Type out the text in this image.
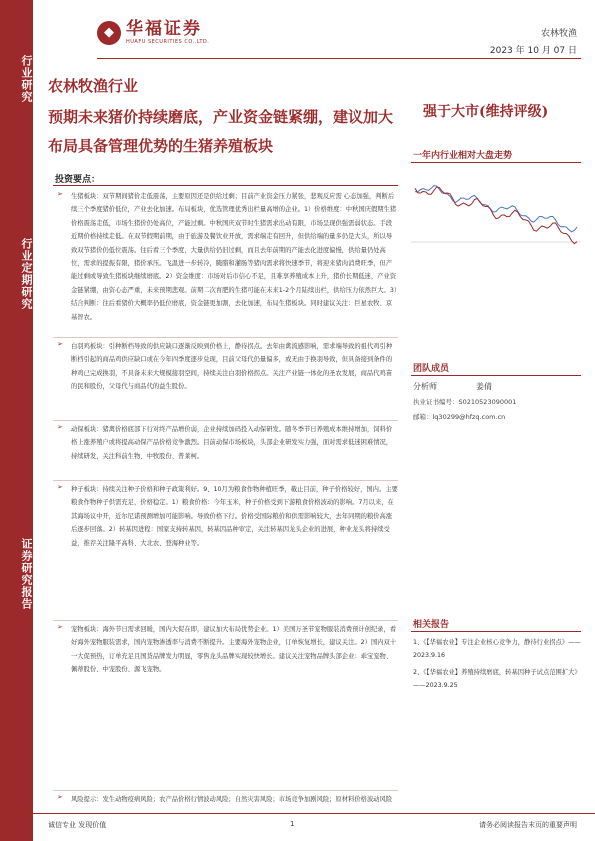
行业研究
行业定期研究
证券研究报告
◆ 华福证券
HUAFU SECURITIES CO.,LTD.
农林牧渔
2023 年 10 月 07 日
农林牧渔行业
预期未来猪价持续磨底，产业资金链紧绷，建议加大布局具备管理优势的生猪养殖板块
强于大市(维持评级)
一年内行业相对大盘走势
投资要点：
➢ 生猪板块：双节期间猪价走低震荡，主要原因还是供给过剩；目前产业资金压力紧张，悲观反应需 心态加强，判断后续三个季度猪价低位，产业去化加速。布局板块，优选管理优秀出栏量高增的企业。1）价格维度：中秋国庆假期生猪价格震荡走低，市场生猪价仍处高位，产能过剩。中秋国庆双节时生猪需求出动有限，市场呈现供强需弱状态。手段近期价格持续走低。在双节假期前期，由于旅游及餐饮业开放，需求端走有回升，但供给端的量多仍是大头，所以导致双节猪价仍低位震荡。往后看三个季度，大量供给仍旧过剩，而且去年前期的产能去化进度偏慢，供给量仍处高位，需求的提振有限，猪价承压。飞温进一步转冷，腌腊和灌肠等猪肉需求将快速季节，将迎来猪肉消费旺季，但产能过剩或导致生猪板块继续磨底。2）资金维度：市场对后市信心不足，且难享养殖成本上升，猪价长期低迷，产业资金链紧绷，由资心态严重，未来预期悲观。前期二次育肥的生猪可能在未来1-2个月陆续出栏，供给压力依然巨大。3）结合判断：往后看猪价大概率仍低位磨底，资金链更加割，去化加速，布局生猪板块。同时建议关注：巨星农牧、京基智农。
➢ 白羽鸡板块：引种断档导致的供应缺口逐渐反映到价格上，静待拐点。去年由禽流感影响，需求端导致的祖代鸡引种断档引起的商品鸡供应缺口或在今年四季度逐步兑现，目前父母代仍量偏多，或无由于换羽导致，但具备接到条件的种鸡已完成换羽，不具备未来大规模接羽空间，持续关注白羽价格拐点。关注产业链一体化的圣农发展，商品代鸡苗的民和股份，父母代与商品代的益生股份。
➢ 动保板块：猪禽价格底部下行对终产品增价弱，企业持续加码投入动保研发。随冬季节日养殖成本维持增加，饲料价格上涨养殖户或将提高动保产品价格竞争激烈。目前动保市场板块，头部企业研发实力强，面对需求低迷困难情况，持续研发，关注科前生物、中牧股份、普莱柯。
➢ 种子板块：持续关注种子价格和种子政策利好。9、10月为粮食作物种植旺季，截止目前，种子价格较好，国内。主要粮食作物种子供需充足，价格稳定。1）粮食价格：今年玉米，种子价格受到下游粮食价格波动的影响。7月以来，在其海场议中开，近尔尼诺预测增加可能影响。导致价格下行。价格受国际粮价和供需影响较大，去年同期的粮价高涨后逐步回落。2）转基因进程：国家支持转基因，转基因品种审定，关注转基因龙头企业的进展，种业龙头将持续受益，推荐关注隆平高科、大北农、登海种业等。
➢ 宠物板块：海外节日需求回暖，国内大促在即，建议加大布局优势企业。1）美国万圣节宠物服装消费预计创纪录，看好海外宠物服装需求，国内宠物渗透率与消费不断提升。主要海外宠物企业，订单恢复增长，建议关注。2）国内双十一大促预热，订单充足且国货品牌发力明显，零售龙头品牌实现较快增长。建议关注宠物品牌头部企业：乖宝宠物、佩蒂股份、中宠股份、源飞宠物。
➢ 风险提示：发生动物疫病风险；农产品价格行情波动风险；自然灾害风险；市场竞争加剧风险；原材料价格波动风险
团队成员
分析师	姜倩
执业证书编号：S0210523090001
邮箱：lq30299@hfzq.com.cn
相关报告
1、《【华福农业】专注企业核心竞争力，静待行业拐点》——2023.9.16
2、《【华福农业】养殖持续磨底，转基因种子试点范围扩大》——2023.9.25
诚信专业 发现价值	1	请务必阅读报告末页的重要声明
